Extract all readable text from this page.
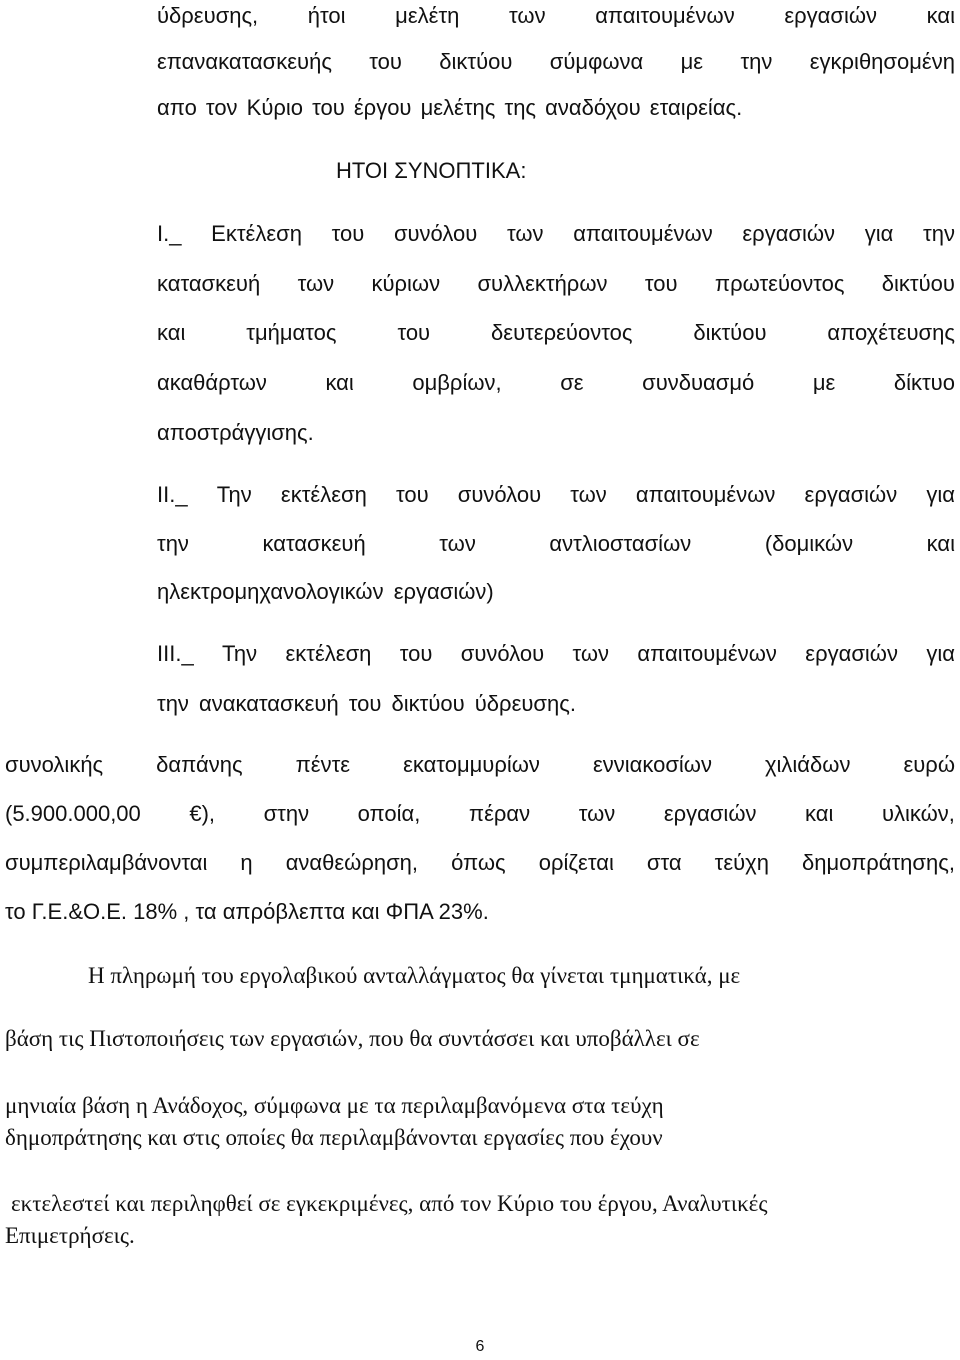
ύδρευσης, ήτοι μελέτη των απαιτουμένων εργασιών και

επανακατασκευής του δικτύου σύμφωνα με την εγκριθησομένη

απο τον Κύριο του έργου μελέτης της αναδόχου εταιρείας.

ΗΤΟΙ ΣΥΝΟΠΤΙΚΑ:

Ι._ Εκτέλεση του συνόλου των απαιτουμένων εργασιών για την

κατασκευή των κύριων συλλεκτήρων του πρωτεύοντος δικτύου

και	τμήματος	του	δευτερεύοντος	δικτύου	αποχέτευσης

ακαθάρτων	και	ομβρίων,	σε	συνδυασμό	με	δίκτυο

αποστράγγισης.

ΙΙ._ Την εκτέλεση του συνόλου των απαιτουμένων εργασιών για

την	κατασκευή	των	αντλιοστασίων	(δομικών	και

ηλεκτρομηχανολογικών εργασιών)

ΙΙΙ._ Την εκτέλεση του συνόλου των απαιτουμένων εργασιών για

την ανακατασκευή του δικτύου ύδρευσης.

συνολικής δαπάνης πέντε εκατομμυρίων εννιακοσίων χιλιάδων ευρώ

(5.900.000,00 €), στην οποία, πέραν των εργασιών και υλικών,

συμπεριλαμβάνονται η αναθεώρηση, όπως ορίζεται στα τεύχη δημοπράτησης,

το Γ.Ε.&Ο.Ε. 18% , τα απρόβλεπτα και ΦΠΑ 23%.

Η πληρωμή του εργολαβικού ανταλλάγματος θα γίνεται τμηματικά, με

βάση τις Πιστοποιήσεις των εργασιών, που θα συντάσσει και υποβάλλει σε

μηνιαία βάση η Ανάδοχος, σύμφωνα με τα περιλαμβανόμενα στα τεύχη

δημοπράτησης και στις οποίες θα περιλαμβάνονται εργασίες που έχουν

εκτελεστεί και περιληφθεί σε εγκεκριμένες, από τον Κύριο του έργου, Αναλυτικές

Επιμετρήσεις.

6
